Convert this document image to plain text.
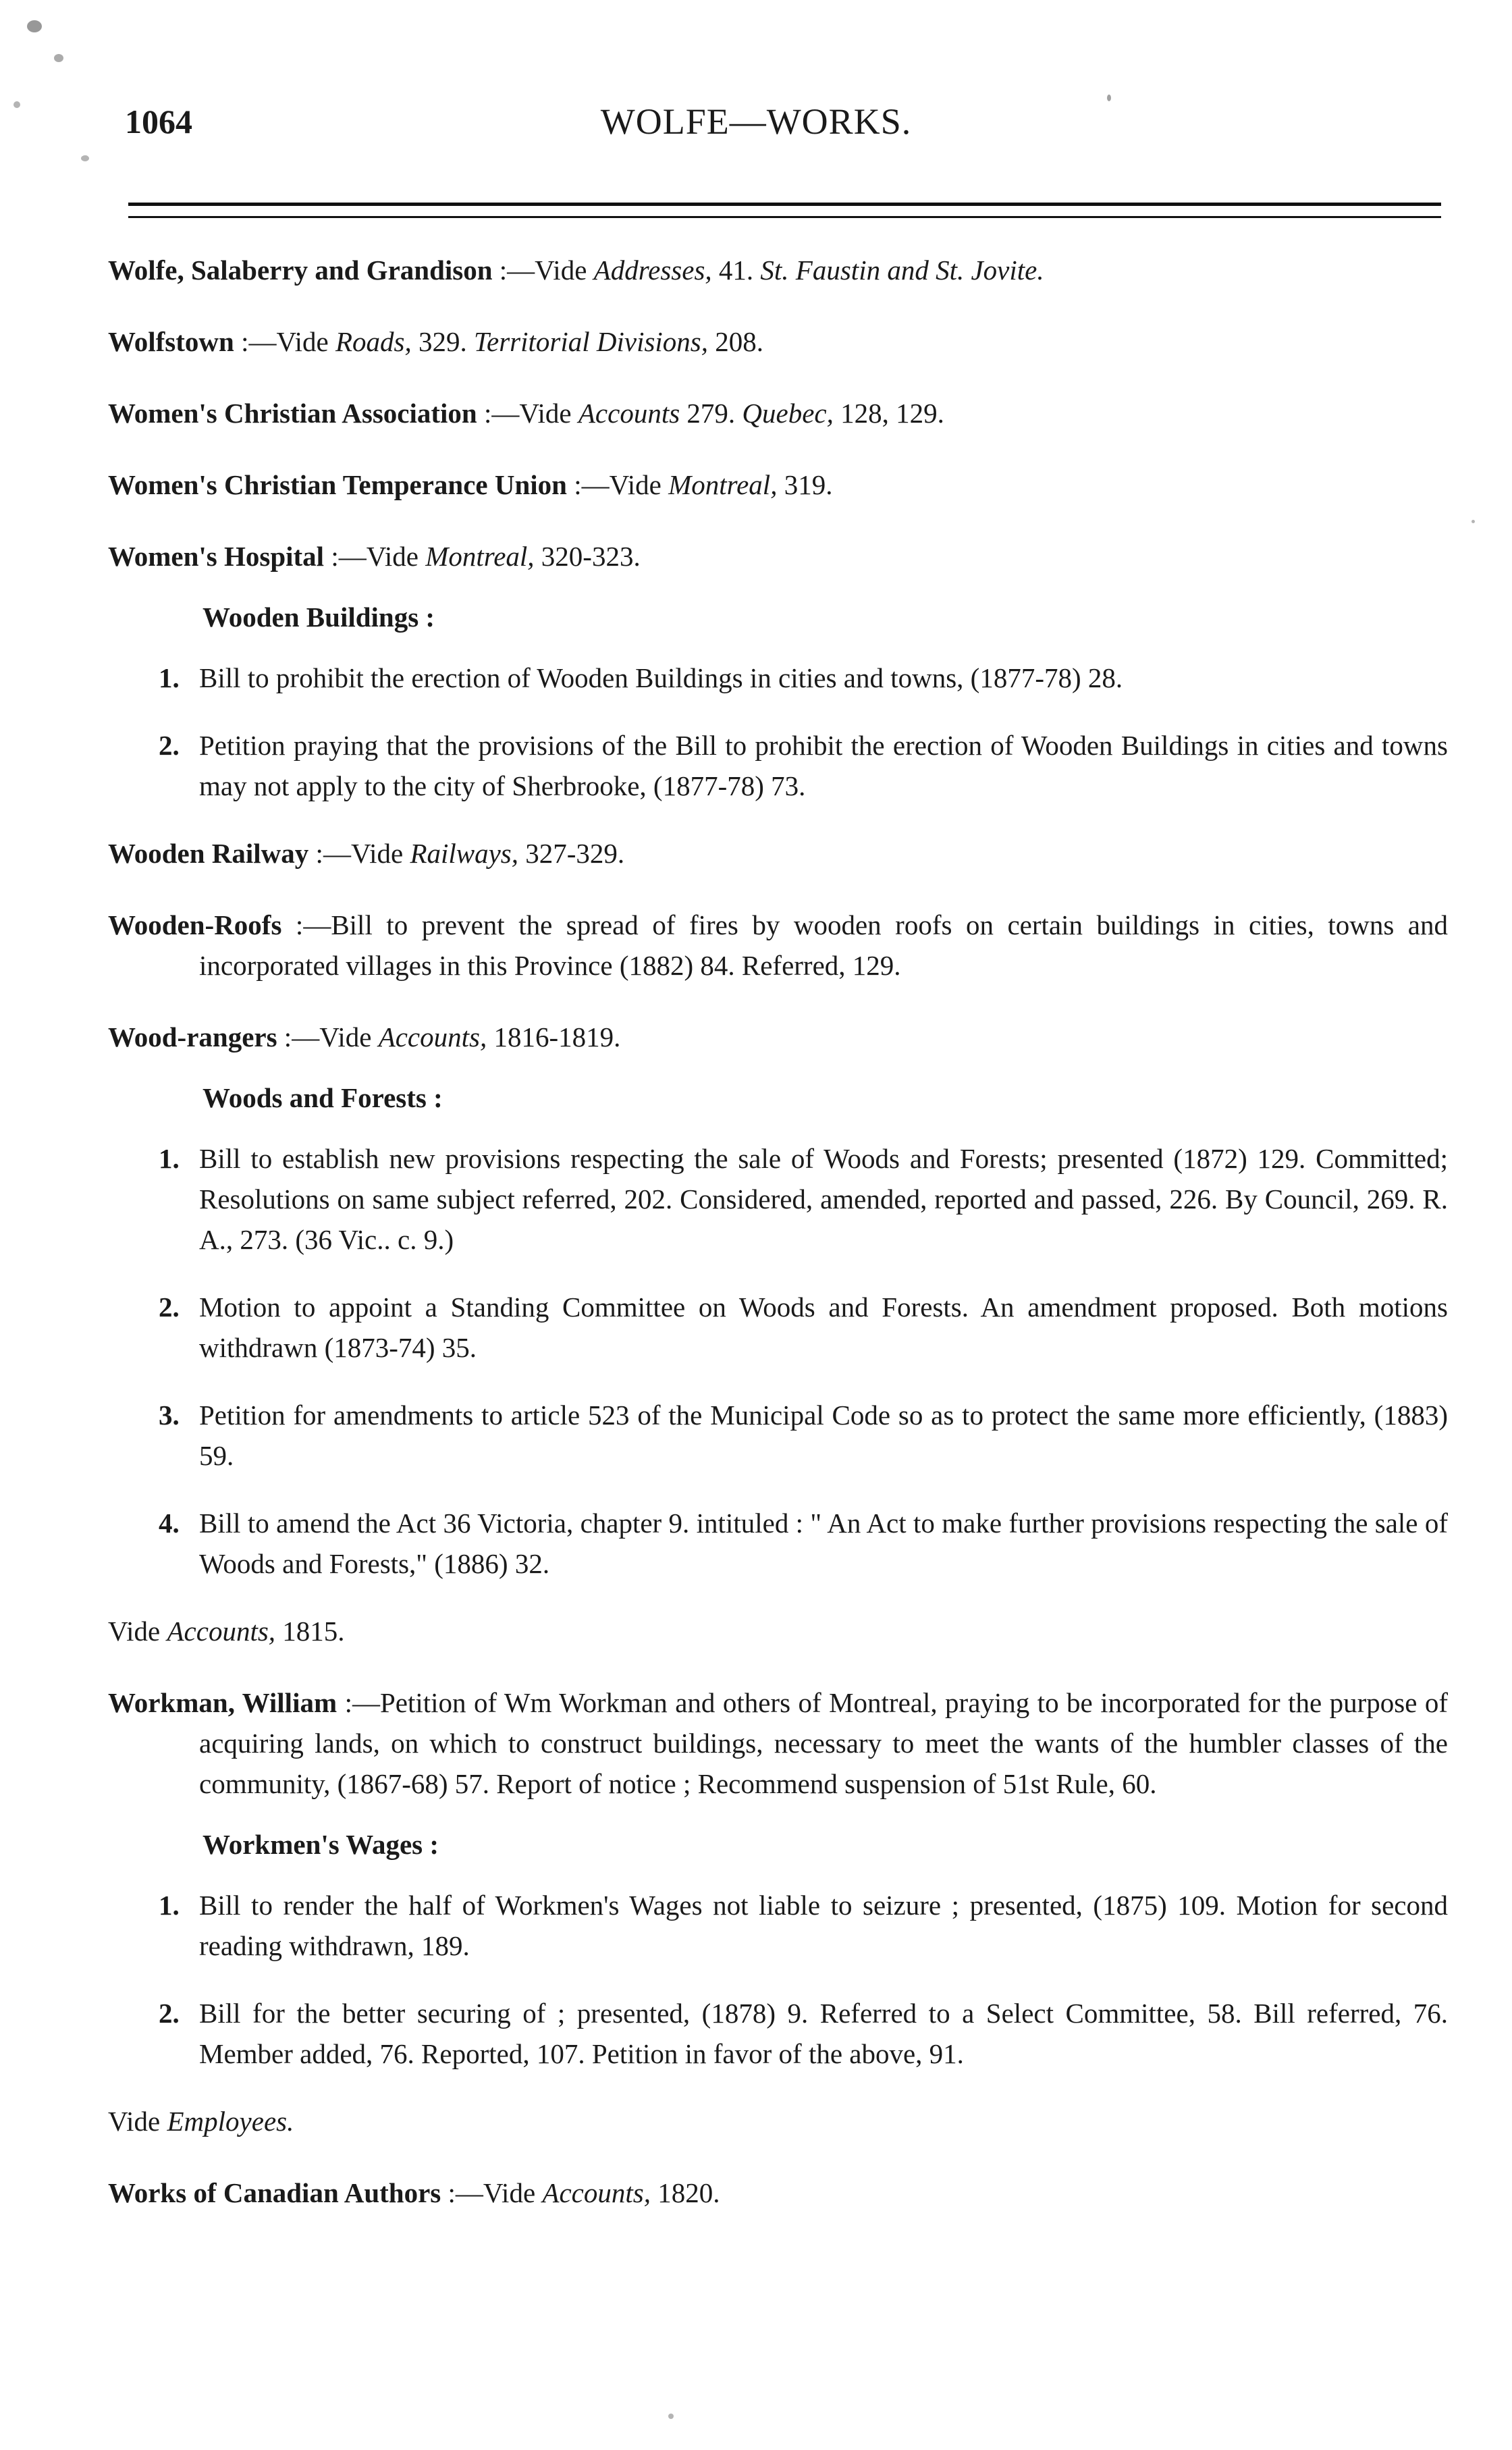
1064	WOLFE—WORKS.
Wolfe, Salaberry and Grandison :—Vide Addresses, 41. St. Faustin and St. Jovite.
Wolfstown :—Vide Roads, 329. Territorial Divisions, 208.
Women's Christian Association :—Vide Accounts 279. Quebec, 128, 129.
Women's Christian Temperance Union :—Vide Montreal, 319.
Women's Hospital :—Vide Montreal, 320-323.
Wooden Buildings :
1. Bill to prohibit the erection of Wooden Buildings in cities and towns, (1877-78) 28.
2. Petition praying that the provisions of the Bill to prohibit the erection of Wooden Buildings in cities and towns may not apply to the city of Sherbrooke, (1877-78) 73.
Wooden Railway :—Vide Railways, 327-329.
Wooden-Roofs :—Bill to prevent the spread of fires by wooden roofs on certain buildings in cities, towns and incorporated villages in this Province (1882) 84. Referred, 129.
Wood-rangers :—Vide Accounts, 1816-1819.
Woods and Forests :
1. Bill to establish new provisions respecting the sale of Woods and Forests; presented (1872) 129. Committed; Resolutions on same subject referred, 202. Considered, amended, reported and passed, 226. By Council, 269. R. A., 273. (36 Vic.. c. 9.)
2. Motion to appoint a Standing Committee on Woods and Forests. An amendment proposed. Both motions withdrawn (1873-74) 35.
3. Petition for amendments to article 523 of the Municipal Code so as to protect the same more efficiently, (1883) 59.
4. Bill to amend the Act 36 Victoria, chapter 9. intituled : " An Act to make further provisions respecting the sale of Woods and Forests," (1886) 32.
Vide Accounts, 1815.
Workman, William :—Petition of Wm Workman and others of Montreal, praying to be incorporated for the purpose of acquiring lands, on which to construct buildings, necessary to meet the wants of the humbler classes of the community, (1867-68) 57. Report of notice ; Recommend suspension of 51st Rule, 60.
Workmen's Wages :
1. Bill to render the half of Workmen's Wages not liable to seizure ; presented, (1875) 109. Motion for second reading withdrawn, 189.
2. Bill for the better securing of ; presented, (1878) 9. Referred to a Select Committee, 58. Bill referred, 76. Member added, 76. Reported, 107. Petition in favor of the above, 91.
Vide Employees.
Works of Canadian Authors :—Vide Accounts, 1820.
